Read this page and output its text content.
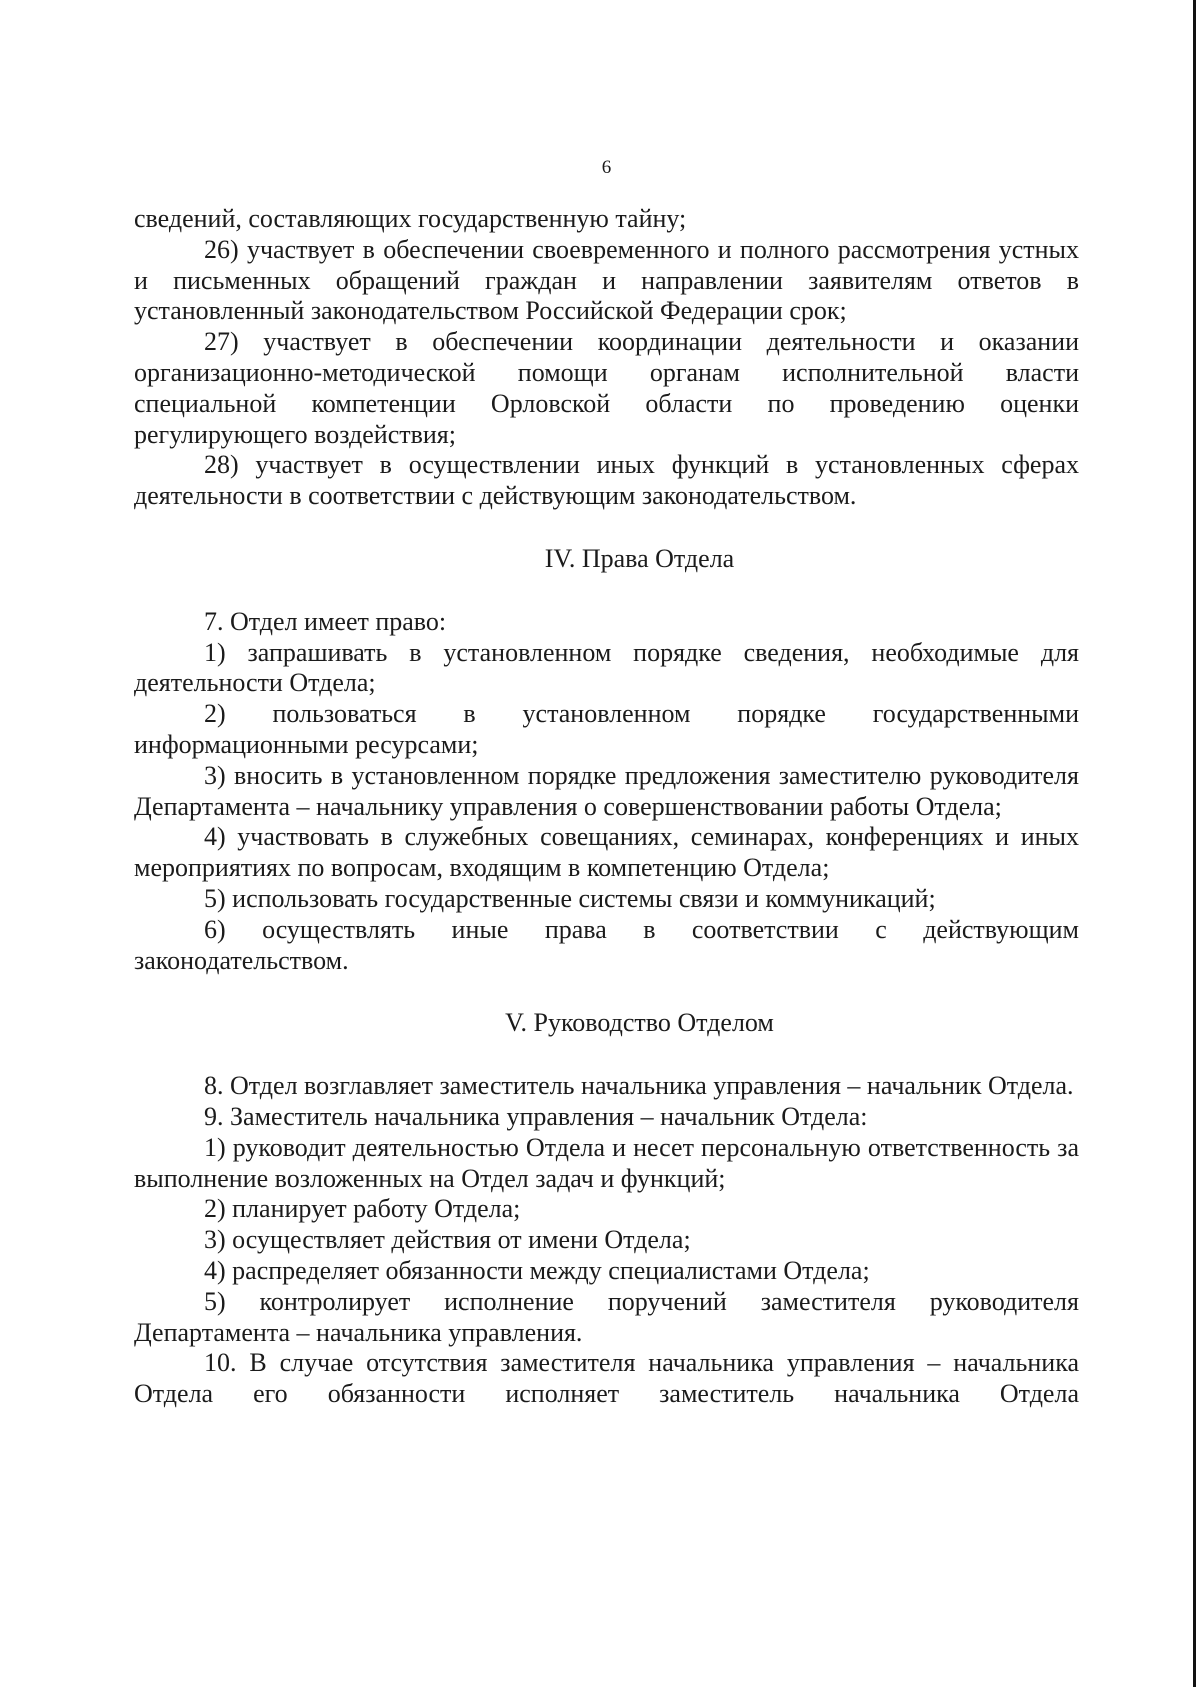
6

сведений, составляющих государственную тайну;

26) участвует в обеспечении своевременного и полного рассмотрения устных и письменных обращений граждан и направлении заявителям ответов в установленный законодательством Российской Федерации срок;

27) участвует в обеспечении координации деятельности и оказании организационно-методической помощи органам исполнительной власти специальной компетенции Орловской области по проведению оценки регулирующего воздействия;

28) участвует в осуществлении иных функций в установленных сферах деятельности в соответствии с действующим законодательством.

IV. Права Отдела

7. Отдел имеет право:

1) запрашивать в установленном порядке сведения, необходимые для деятельности Отдела;

2) пользоваться в установленном порядке государственными информационными ресурсами;

3) вносить в установленном порядке предложения заместителю руководителя Департамента – начальнику управления о совершенствовании работы Отдела;

4) участвовать в служебных совещаниях, семинарах, конференциях и иных мероприятиях по вопросам, входящим в компетенцию Отдела;

5) использовать государственные системы связи и коммуникаций;

6) осуществлять иные права в соответствии с действующим законодательством.

V. Руководство Отделом

8. Отдел возглавляет заместитель начальника управления – начальник Отдела.

9. Заместитель начальника управления – начальник Отдела:

1) руководит деятельностью Отдела и несет персональную ответственность за выполнение возложенных на Отдел задач и функций;

2) планирует работу Отдела;

3) осуществляет действия от имени Отдела;

4) распределяет обязанности между специалистами Отдела;

5) контролирует исполнение поручений заместителя руководителя Департамента – начальника управления.

10. В случае отсутствия заместителя начальника управления – начальника Отдела его обязанности исполняет заместитель начальника Отдела
